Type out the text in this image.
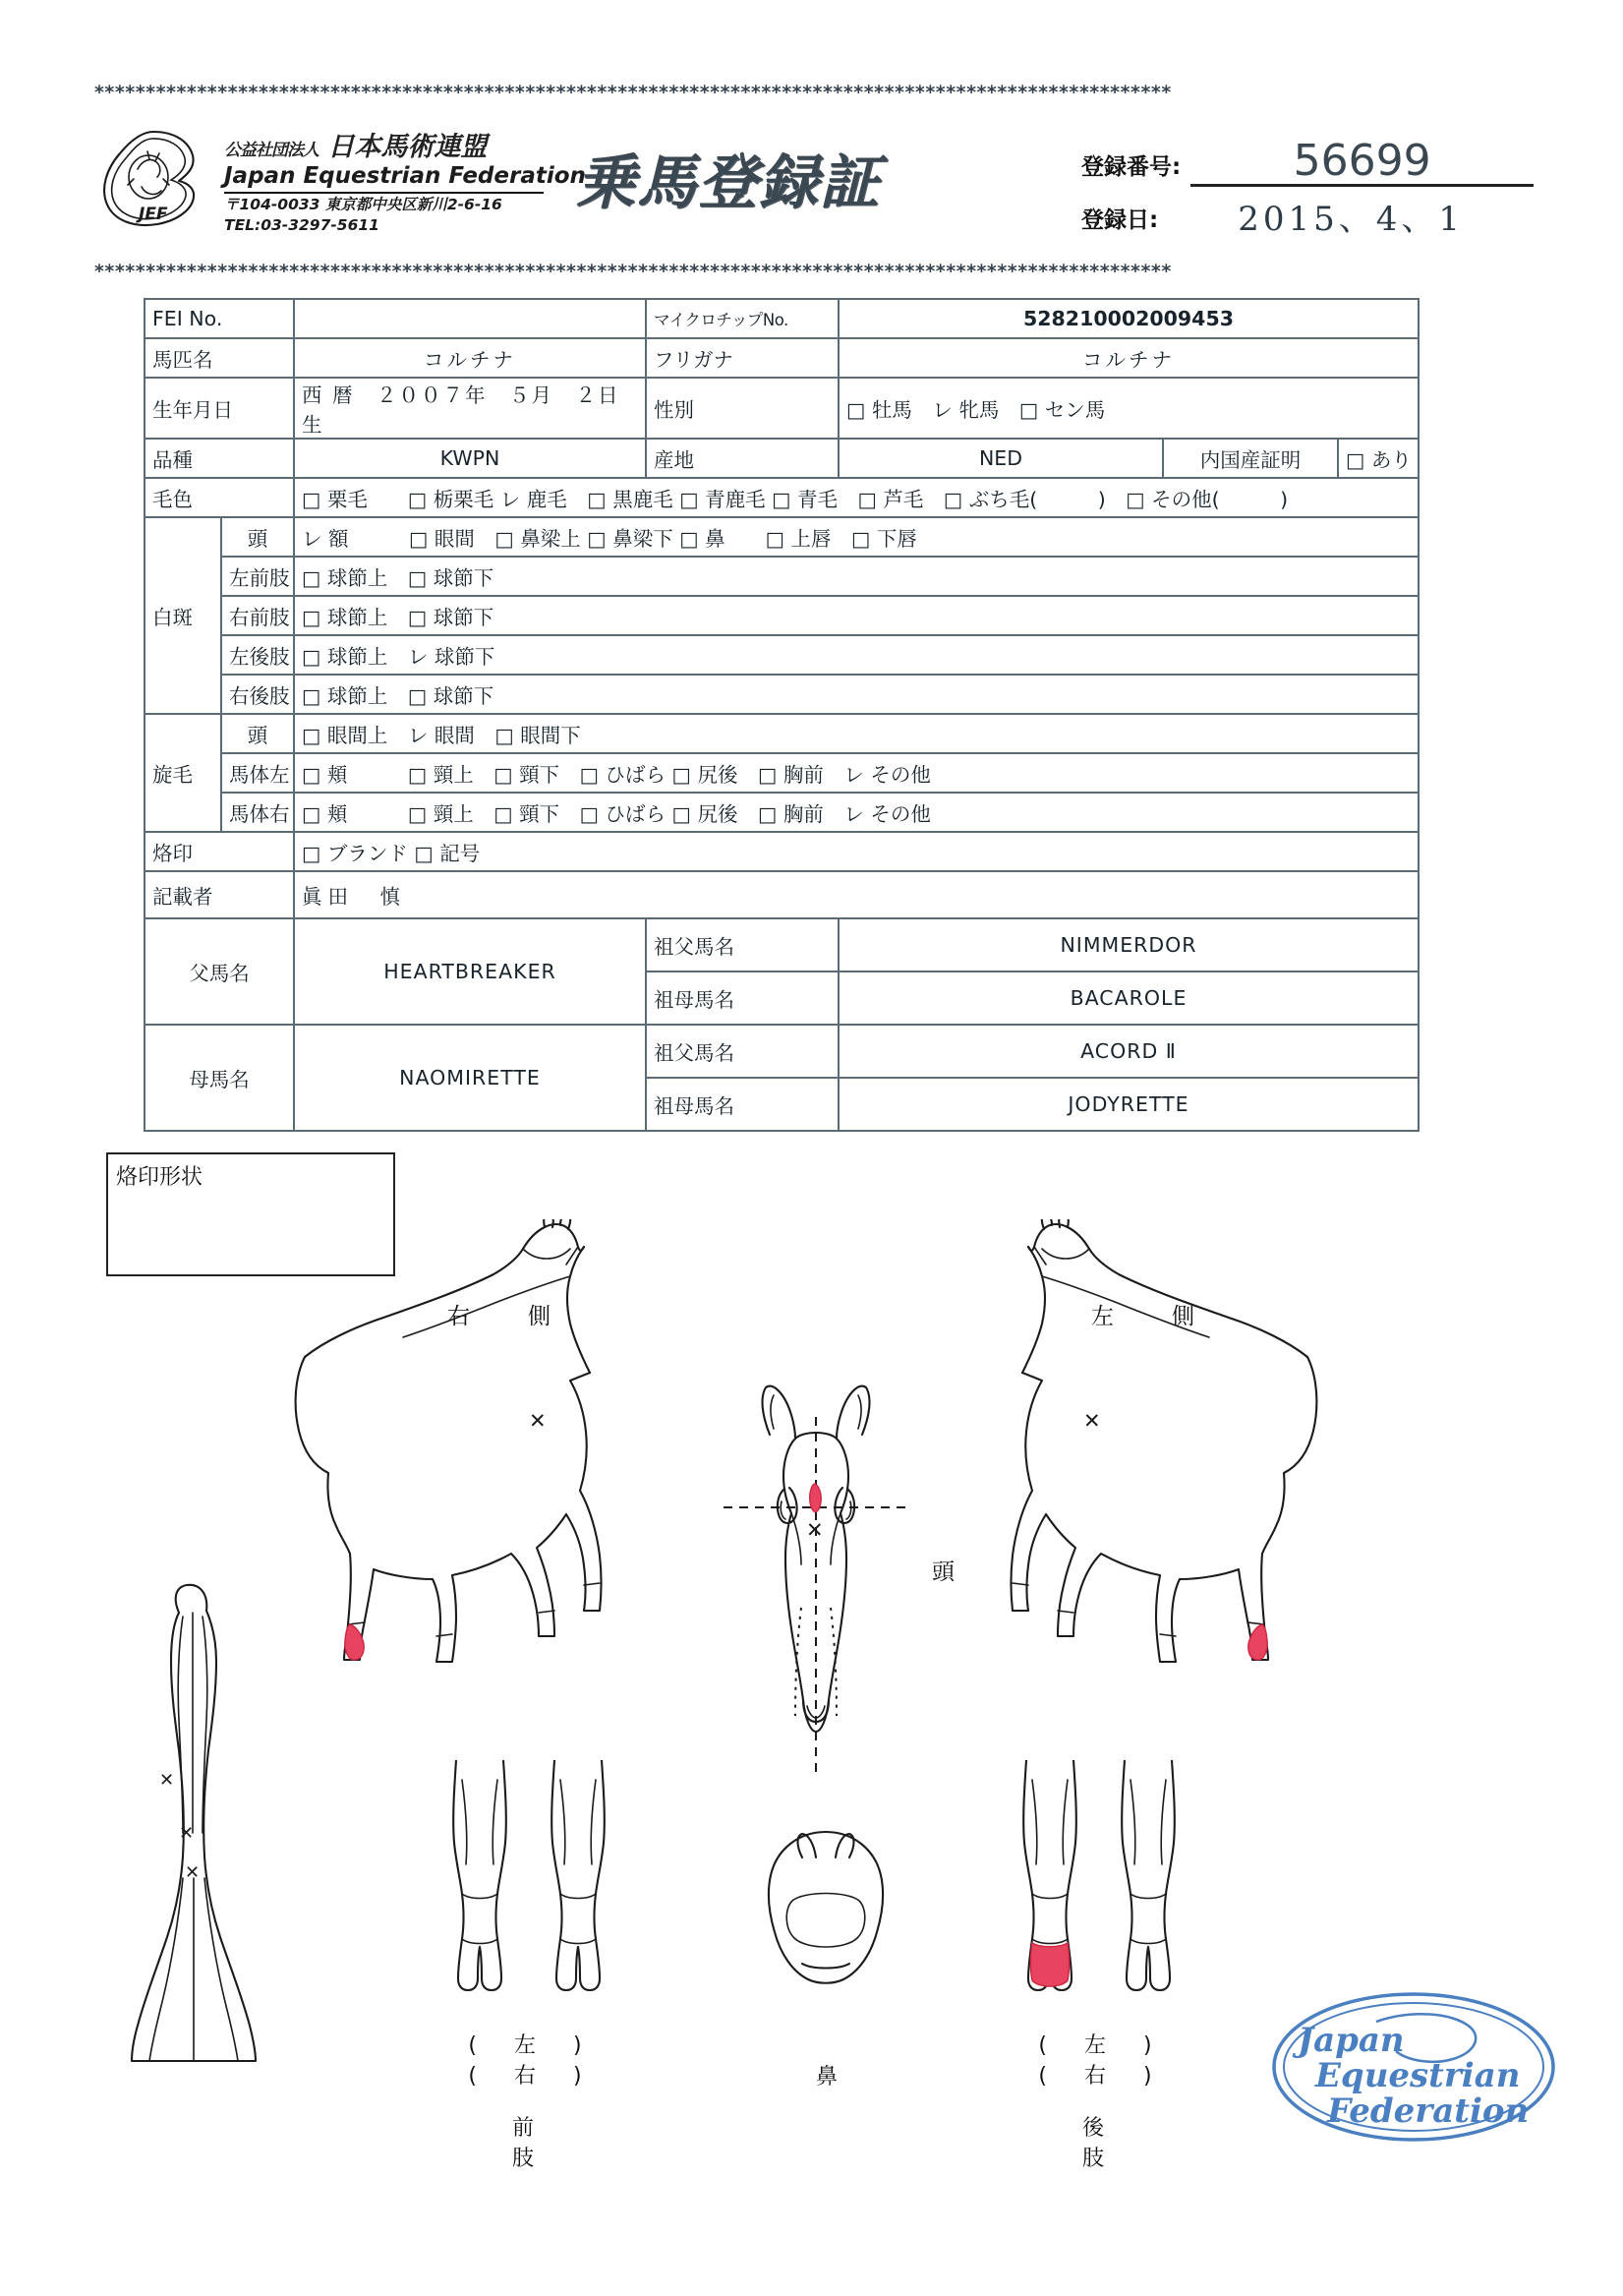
*********************************************************************************************************
JEF
公益社団法人 日本馬術連盟
Japan Equestrian Federation
〒104-0033 東京都中央区新川2-6-16
TEL:03-3297-5611
乗馬登録証	登録番号:	56699
登録日:	2015、4、1
*********************************************************************************************************
FEI No.			マイクロチップNo.	528210002009453		
馬匹名		コルチナ	フリガナ	コルチナ		
生年月日		西 暦　２００７年　５月　２日 生	性別	□ 牡馬　レ 牝馬　□ セン馬		
品種		KWPN	産地	NED	内国産証明	□ あり
毛色		□ 栗毛　　□ 栃栗毛 レ 鹿毛　□ 黒鹿毛 □ 青鹿毛 □ 青毛　□ 芦毛　□ ぶち毛(　　　)　□ その他(　　　)				
白斑	頭	レ 額　　　□ 眼間　□ 鼻梁上 □ 鼻梁下 □ 鼻　　□ 上唇　□ 下唇				
	左前肢	□ 球節上　□ 球節下				
	右前肢	□ 球節上　□ 球節下				
	左後肢	□ 球節上　レ 球節下				
	右後肢	□ 球節上　□ 球節下				
旋毛	頭	□ 眼間上　レ 眼間　□ 眼間下				
	馬体左	□ 頬　　　□ 頸上　□ 頸下　□ ひばら □ 尻後　□ 胸前　レ その他				
	馬体右	□ 頬　　　□ 頸上　□ 頸下　□ ひばら □ 尻後　□ 胸前　レ その他				
烙印		□ ブランド □ 記号				
記載者		眞田　慎				
父馬名		HEARTBREAKER	祖父馬名	NIMMERDOR		
			祖母馬名	BACAROLE		
母馬名		NAOMIRETTE	祖父馬名	ACORD Ⅱ		
			祖母馬名	JODYRETTE		
烙印形状
右　側	左　側
頭
鼻
✕	✕
✕
✕
✕
✕
(左)　(右)
前　肢
(左)　(右)
後　肢
Japan
Equestrian
Federation
